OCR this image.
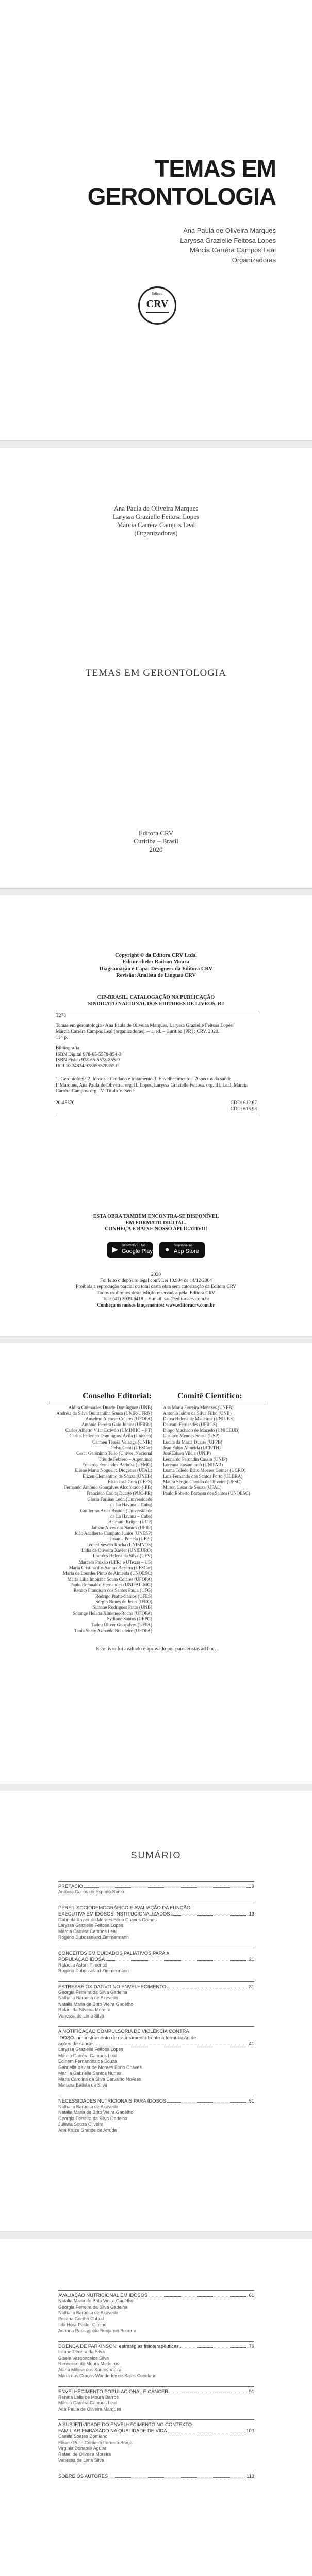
TEMAS EM
GERONTOLOGIA
Ana Paula de Oliveira Marques
Laryssa Grazielle Feitosa Lopes
Márcia Carréra Campos Leal
Organizadoras
Editora
CRV
Ana Paula de Oliveira Marques
Laryssa Grazielle Feitosa Lopes
Márcia Carréra Campos Leal
(Organizadoras)
TEMAS EM GERONTOLOGIA
Editora CRV
Curitiba – Brasil
2020
Copyright © da Editora CRV Ltda.
Editor-chefe: Railson Moura
Diagramação e Capa: Designers da Editora CRV
Revisão: Analista de Línguas CRV
CIP-BRASIL. CATALOGAÇÃO NA PUBLICAÇÃO
SINDICATO NACIONAL DOS EDITORES DE LIVROS, RJ
T278
Temas em gerontologia / Ana Paula de Oliveira Marques, Laryssa Grazielle Feitosa Lopes,
Márcia Carréra Campos Leal (organizadoras). – 1. ed. – Curitiba [PR] : CRV, 2020.
114 p.
Bibliografia
ISBN Digital 978-65-5578-854-3
ISBN Físico 978-65-5578-855-0
DOI 10.24824/978655578855.0
1. Gerontologia 2. Idosos – Cuidado e tratamento 3. Envelhecimento – Aspectos da saúde
I. Marques, Ana Paula de Oliveira. org. II. Lopes, Laryssa Grazielle Feitosa. org. III. Leal, Márcia
Carréra Campos. org. IV. Título V. Série.
20-45370	CDD: 612.67
CDU: 613.98
ESTA OBRA TAMBÉM ENCONTRA-SE DISPONÍVEL
EM FORMATO DIGITAL.
CONHEÇA E BAIXE NOSSO APLICATIVO!
▶	DISPONÍVEL NO
Google Play ●	Disponível na
App Store
2020
Foi feito o depósito legal conf. Lei 10.994 de 14/12/2004
Proibida a reprodução parcial ou total desta obra sem autorização da Editora CRV
Todos os direitos desta edição reservados pela: Editora CRV
Tel.: (41) 3039-6418 – E-mail: sac@editoracrv.com.br
Conheça os nossos lançamentos: www.editoracrv.com.br
Conselho Editorial:	Comitê Científico:
Aldira Guimarães Duarte Domínguez (UNB)
Andréia da Silva Quintanilha Sousa (UNIR/UFRN)
Anselmo Alencar Colares (UFOPA)
Antônio Pereira Gaio Júnior (UFRRJ)
Carlos Alberto Vilar Estêvão (UMINHO – PT)
Carlos Federico Dominguez Avila (Unieuro)
Carmen Tereza Velanga (UNIR)
Celso Conti (UFSCar)
Cesar Gerónimo Tello (Univer .Nacional
Três de Febrero – Argentina)
Eduardo Fernandes Barbosa (UFMG)
Elione Maria Nogueira Diogenes (UFAL)
Elizeu Clementino de Souza (UNEB)
Élsio José Corá (UFFS)
Fernando Antônio Gonçalves Alcoforado (IPB)
Francisco Carlos Duarte (PUC-PR)
Gloria Fariñas León (Universidade
de La Havana – Cuba)
Guillermo Arias Beatón (Universidade
de La Havana – Cuba)
Helmuth Krüger (UCP)
Jailson Alves dos Santos (UFRJ)
João Adalberto Campato Junior (UNESP)
Josania Portela (UFPI)
Leonel Severo Rocha (UNISINOS)
Lídia de Oliveira Xavier (UNIEURO)
Lourdes Helena da Silva (UFV)
Marcelo Paixão (UFRJ e UTexas – US)
Maria Cristina dos Santos Bezerra (UFSCar)
Maria de Lourdes Pinto de Almeida (UNOESC)
Maria Lília Imbiriba Sousa Colares (UFOPA)
Paulo Romualdo Hernandes (UNIFAL-MG)
Renato Francisco dos Santos Paula (UFG)
Rodrigo Pratte-Santos (UFES)
Sérgio Nunes de Jesus (IFRO)
Simone Rodrigues Pinto (UNB)
Solange Helena Ximenes-Rocha (UFOPA)
Sydione Santos (UEPG)
Tadeu Oliver Gonçalves (UFPA)
Tania Suely Azevedo Brasileiro (UFOPA)
Ana Maria Ferreira Menezes (UNEB)
Antonio Isidro da Silva Filho (UNB)
Dalva Helena de Medeiros (UNIUBE)
Dalvani Fernandes (UFRGS)
Diogo Machado de Macedo (UNICEUB)
Gustavo Mendes Sousa (USP)
Lucila da Maria Duarte (UFPB)
Jean Fábio Almeida (UCP/TH)
José Edson Vilela (UNIP)
Leonardo Perondin Cassin (UNIP)
Lorenna Rosamundo (UNIPAR)
Luana Toledo Brito Moraes Gomes (UCRO)
Luiz Fernando dos Santos Porto (ULBRA)
Maura Sérgio Garrido de Oliveira (UFSC)
Milton Cesar de Souza (UFAL)
Paulo Roberto Barbosa dos Santos (UNOESC)
Este livro foi avaliado e aprovado por pareceristas ad hoc.
SUMÁRIO
PREFÁCIO	9
Antônio Carlos do Espírito Santo
PERFIL SOCIODEMOGRÁFICO E AVALIAÇÃO DA FUNÇÃO
EXECUTIVA EM IDOSOS INSTITUCIONALIZADOS	13
Gabriela Xavier de Moraes Bório Chaves Gomes
Laryssa Grazielle Feitosa Lopes
Márcia Carréra Campos Leal
Rogério Dubosselard Zimmermann
CONCEITOS EM CUIDADOS PALIATIVOS PARA A
POPULAÇÃO IDOSA	21
Rafaella Aslani Pimentel
Rogério Dubosselard Zimmermann
ESTRESSE OXIDATIVO NO ENVELHECIMENTO	31
Georgia Ferreira da Silva Gadelha
Nathalia Barbosa de Azevedo
Natália Maria de Brito Vieira Gadêlho
Rafael da Silveira Moreira
Vanessa de Lima Silva
A NOTIFICAÇÃO COMPULSÓRIA DE VIOLÊNCIA CONTRA
IDOSO: um instrumento de rastreamento frente a formulação de
ações de saúde	41
Laryssa Grazielle Feitosa Lopes
Márcia Carréra Campos Leal
Edinem Fernandez de Souza
Gabriella Xavier de Moraes Bório Chaves
Marília Gabrielle Santos Nunes
Maria Carolina da Silva Carvalho Novaes
Mariana Batista da Silva
NECESSIDADES NUTRICIONAIS PARA IDOSOS	51
Nathalia Barbosa de Azevedo
Natália Maria de Brito Vieira Gadêlho
Georgia Ferreira da Silva Gadelha
Juliana Souza Oliveira
Ana Kruze Grande de Arruda
AVALIAÇÃO NUTRICIONAL EM IDOSOS	61
Natália Maria de Brito Vieira Gadêlho
Georgia Ferreira da Silva Gadelha
Nathalia Barbosa de Azevedo
Poliana Coelho Cabral
Ilda Hora Pastor Cimino
Adriana Passagnolo Benjamin Becerra
DOENÇA DE PARKINSON: estratégias fisioterapêuticas	79
Liliane Pereira da Silva
Gisele Vasconcelos Silva
Renneline de Moura Medeiros
Alana Milena dos Santos Vieira
Maria das Graças Wanderley de Sales Coriolano
ENVELHECIMENTO POPULACIONAL E CÂNCER	91
Renata Lelis de Moura Barros
Márcia Carréra Campos Leal
Ana Paula de Oliveira Marques
A SUBJETIVIDADE DO ENVELHECIMENTO NO CONTEXTO
FAMILIAR EMBASADO NA QUALIDADE DE VIDA	103
Camila Soares Domiano
Elisete Pulin Cordeiro Ferreira Braga
Virginia Donatelli Aguiar
Rafael de Oliveira Moreira
Vanessa de Lima Silva
SOBRE OS AUTORES	113
